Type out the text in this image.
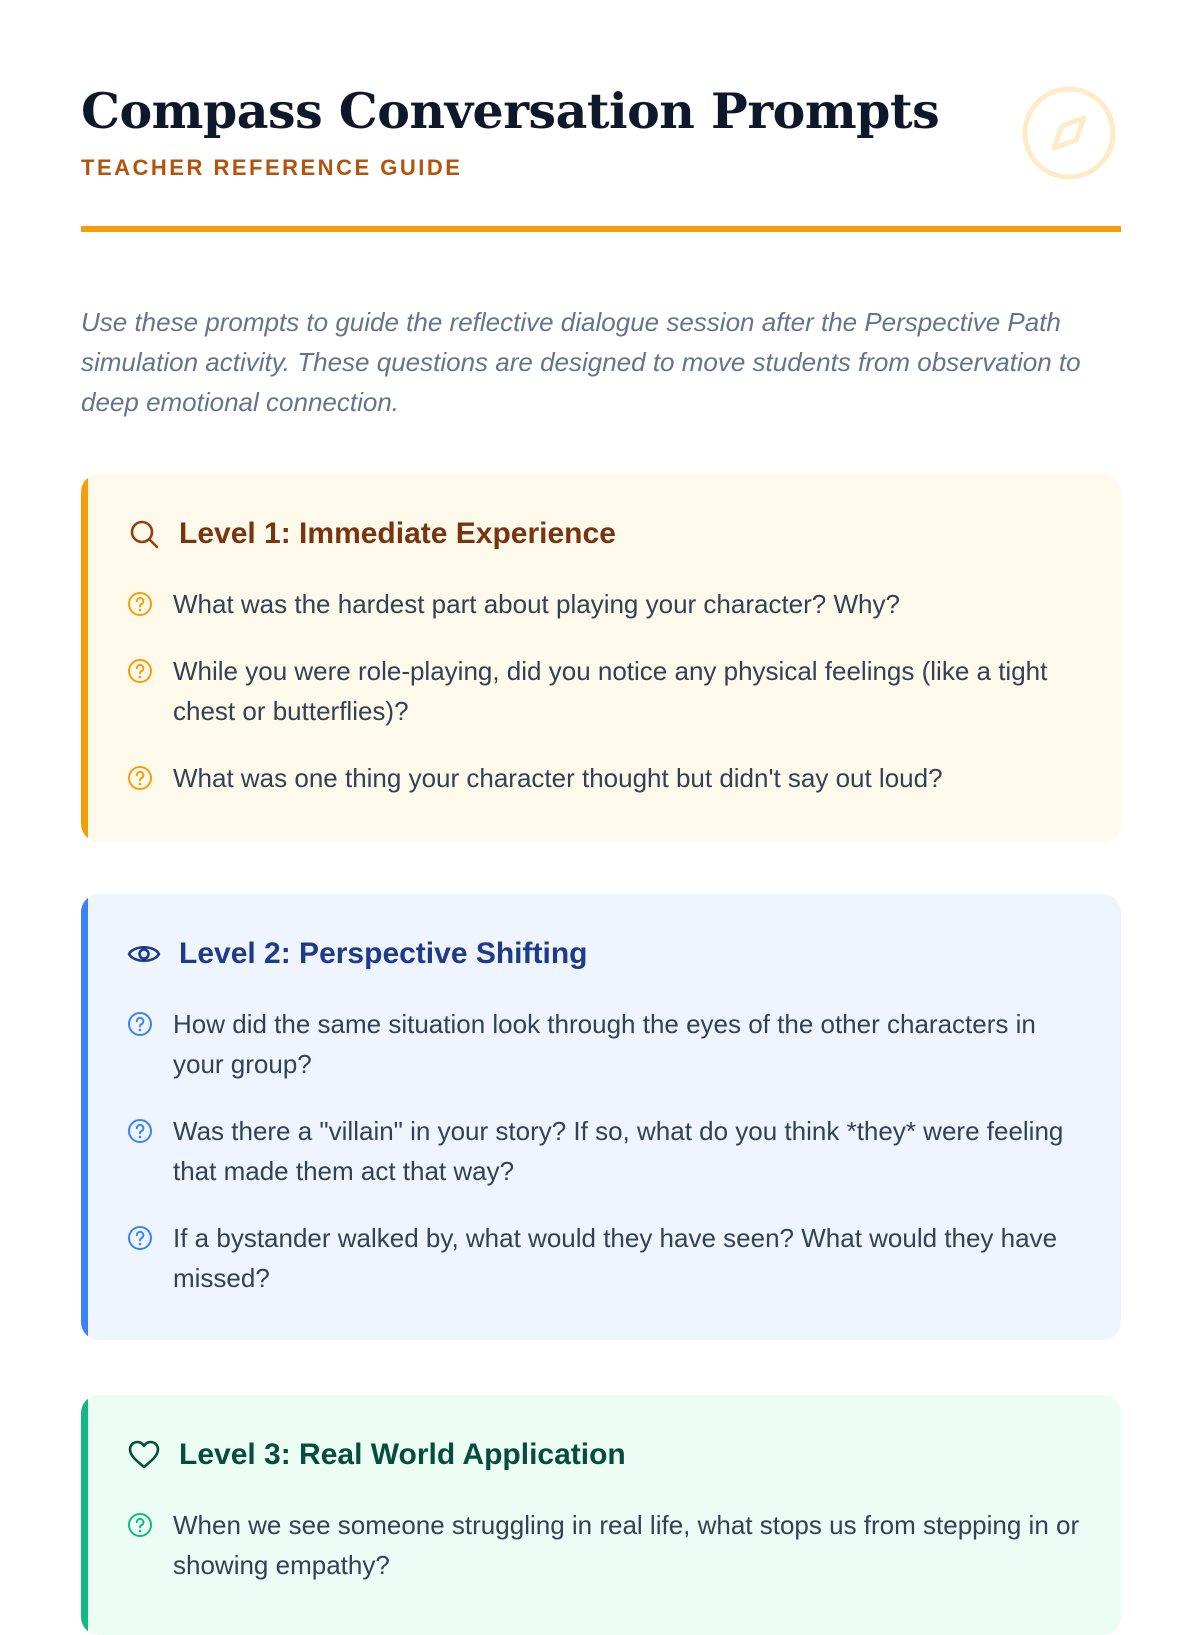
Compass Conversation Prompts
TEACHER REFERENCE GUIDE

Use these prompts to guide the reflective dialogue session after the Perspective Path simulation activity. These questions are designed to move students from observation to deep emotional connection.

Level 1: Immediate Experience
What was the hardest part about playing your character? Why?
While you were role-playing, did you notice any physical feelings (like a tight chest or butterflies)?
What was one thing your character thought but didn't say out loud?
Level 2: Perspective Shifting
How did the same situation look through the eyes of the other characters in your group?
Was there a "villain" in your story? If so, what do you think *they* were feeling that made them act that way?
If a bystander walked by, what would they have seen? What would they have missed?
Level 3: Real World Application
When we see someone struggling in real life, what stops us from stepping in or showing empathy?
